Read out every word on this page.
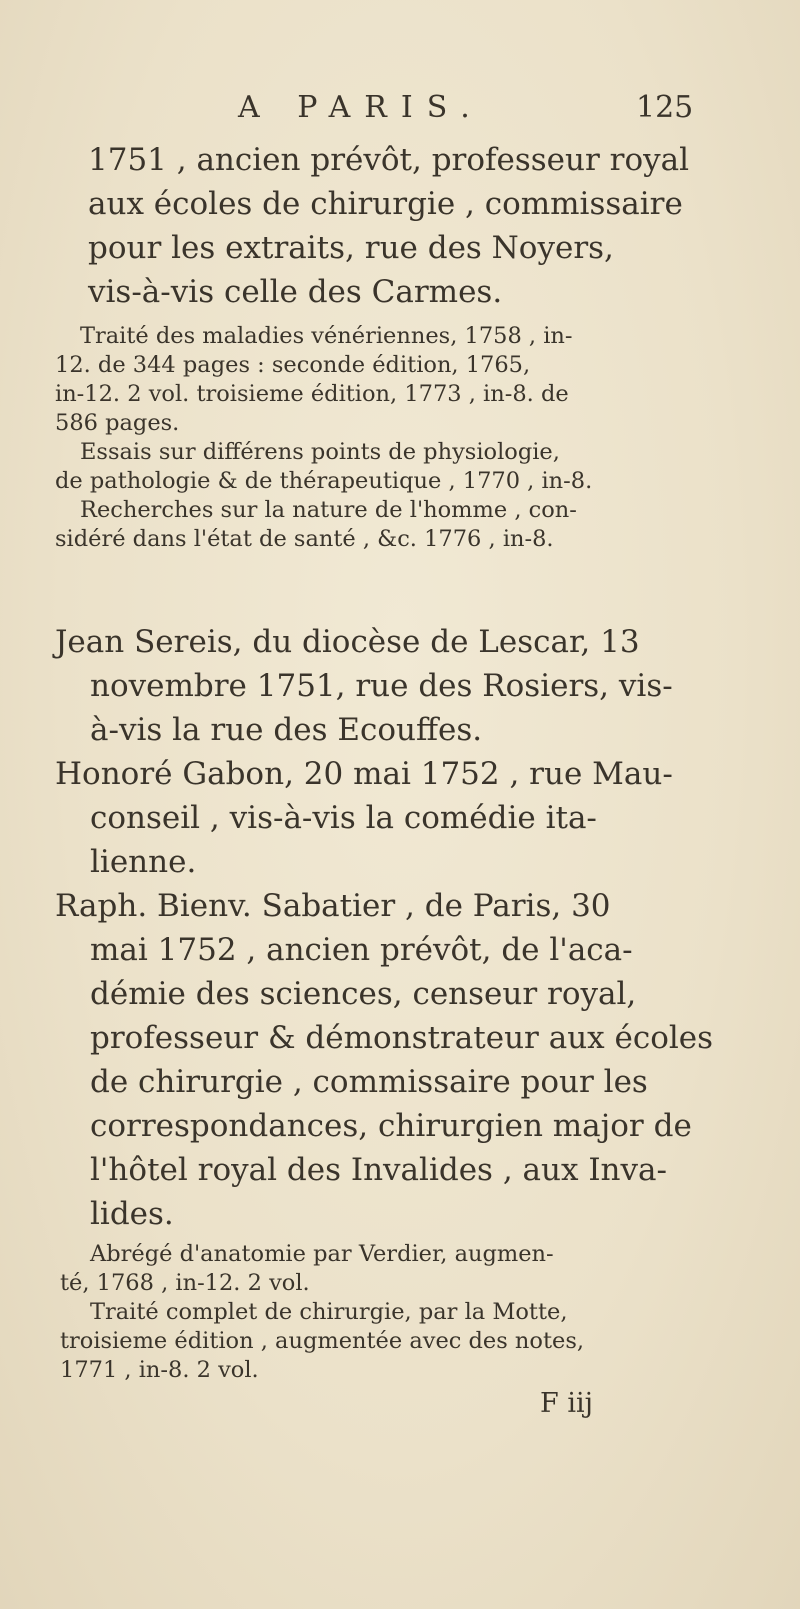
A PARIS.	125

1751 , ancien prévôt, professeur royal

aux écoles de chirurgie , commissaire

pour les extraits, rue des Noyers,

vis-à-vis celle des Carmes.

Traité des maladies vénériennes, 1758 , in-

12. de 344 pages : seconde édition, 1765,

in-12. 2 vol. troisieme édition, 1773 , in-8. de

586 pages.

Essais sur différens points de physiologie,

de pathologie & de thérapeutique , 1770 , in-8.

Recherches sur la nature de l'homme , con-

sidéré dans l'état de santé , &c. 1776 , in-8.

Jean Sereis, du diocèse de Lescar, 13

novembre 1751, rue des Rosiers, vis-

à-vis la rue des Ecouffes.

Honoré Gabon, 20 mai 1752 , rue Mau-

conseil , vis-à-vis la comédie ita-

lienne.

Raph. Bienv. Sabatier , de Paris, 30

mai 1752 , ancien prévôt, de l'aca-

démie des sciences, censeur royal,

professeur & démonstrateur aux écoles

de chirurgie , commissaire pour les

correspondances, chirurgien major de

l'hôtel royal des Invalides , aux Inva-

lides.

Abrégé d'anatomie par Verdier, augmen-

té, 1768 , in-12. 2 vol.

Traité complet de chirurgie, par la Motte,

troisieme édition , augmentée avec des notes,

1771 , in-8. 2 vol.

F iij
